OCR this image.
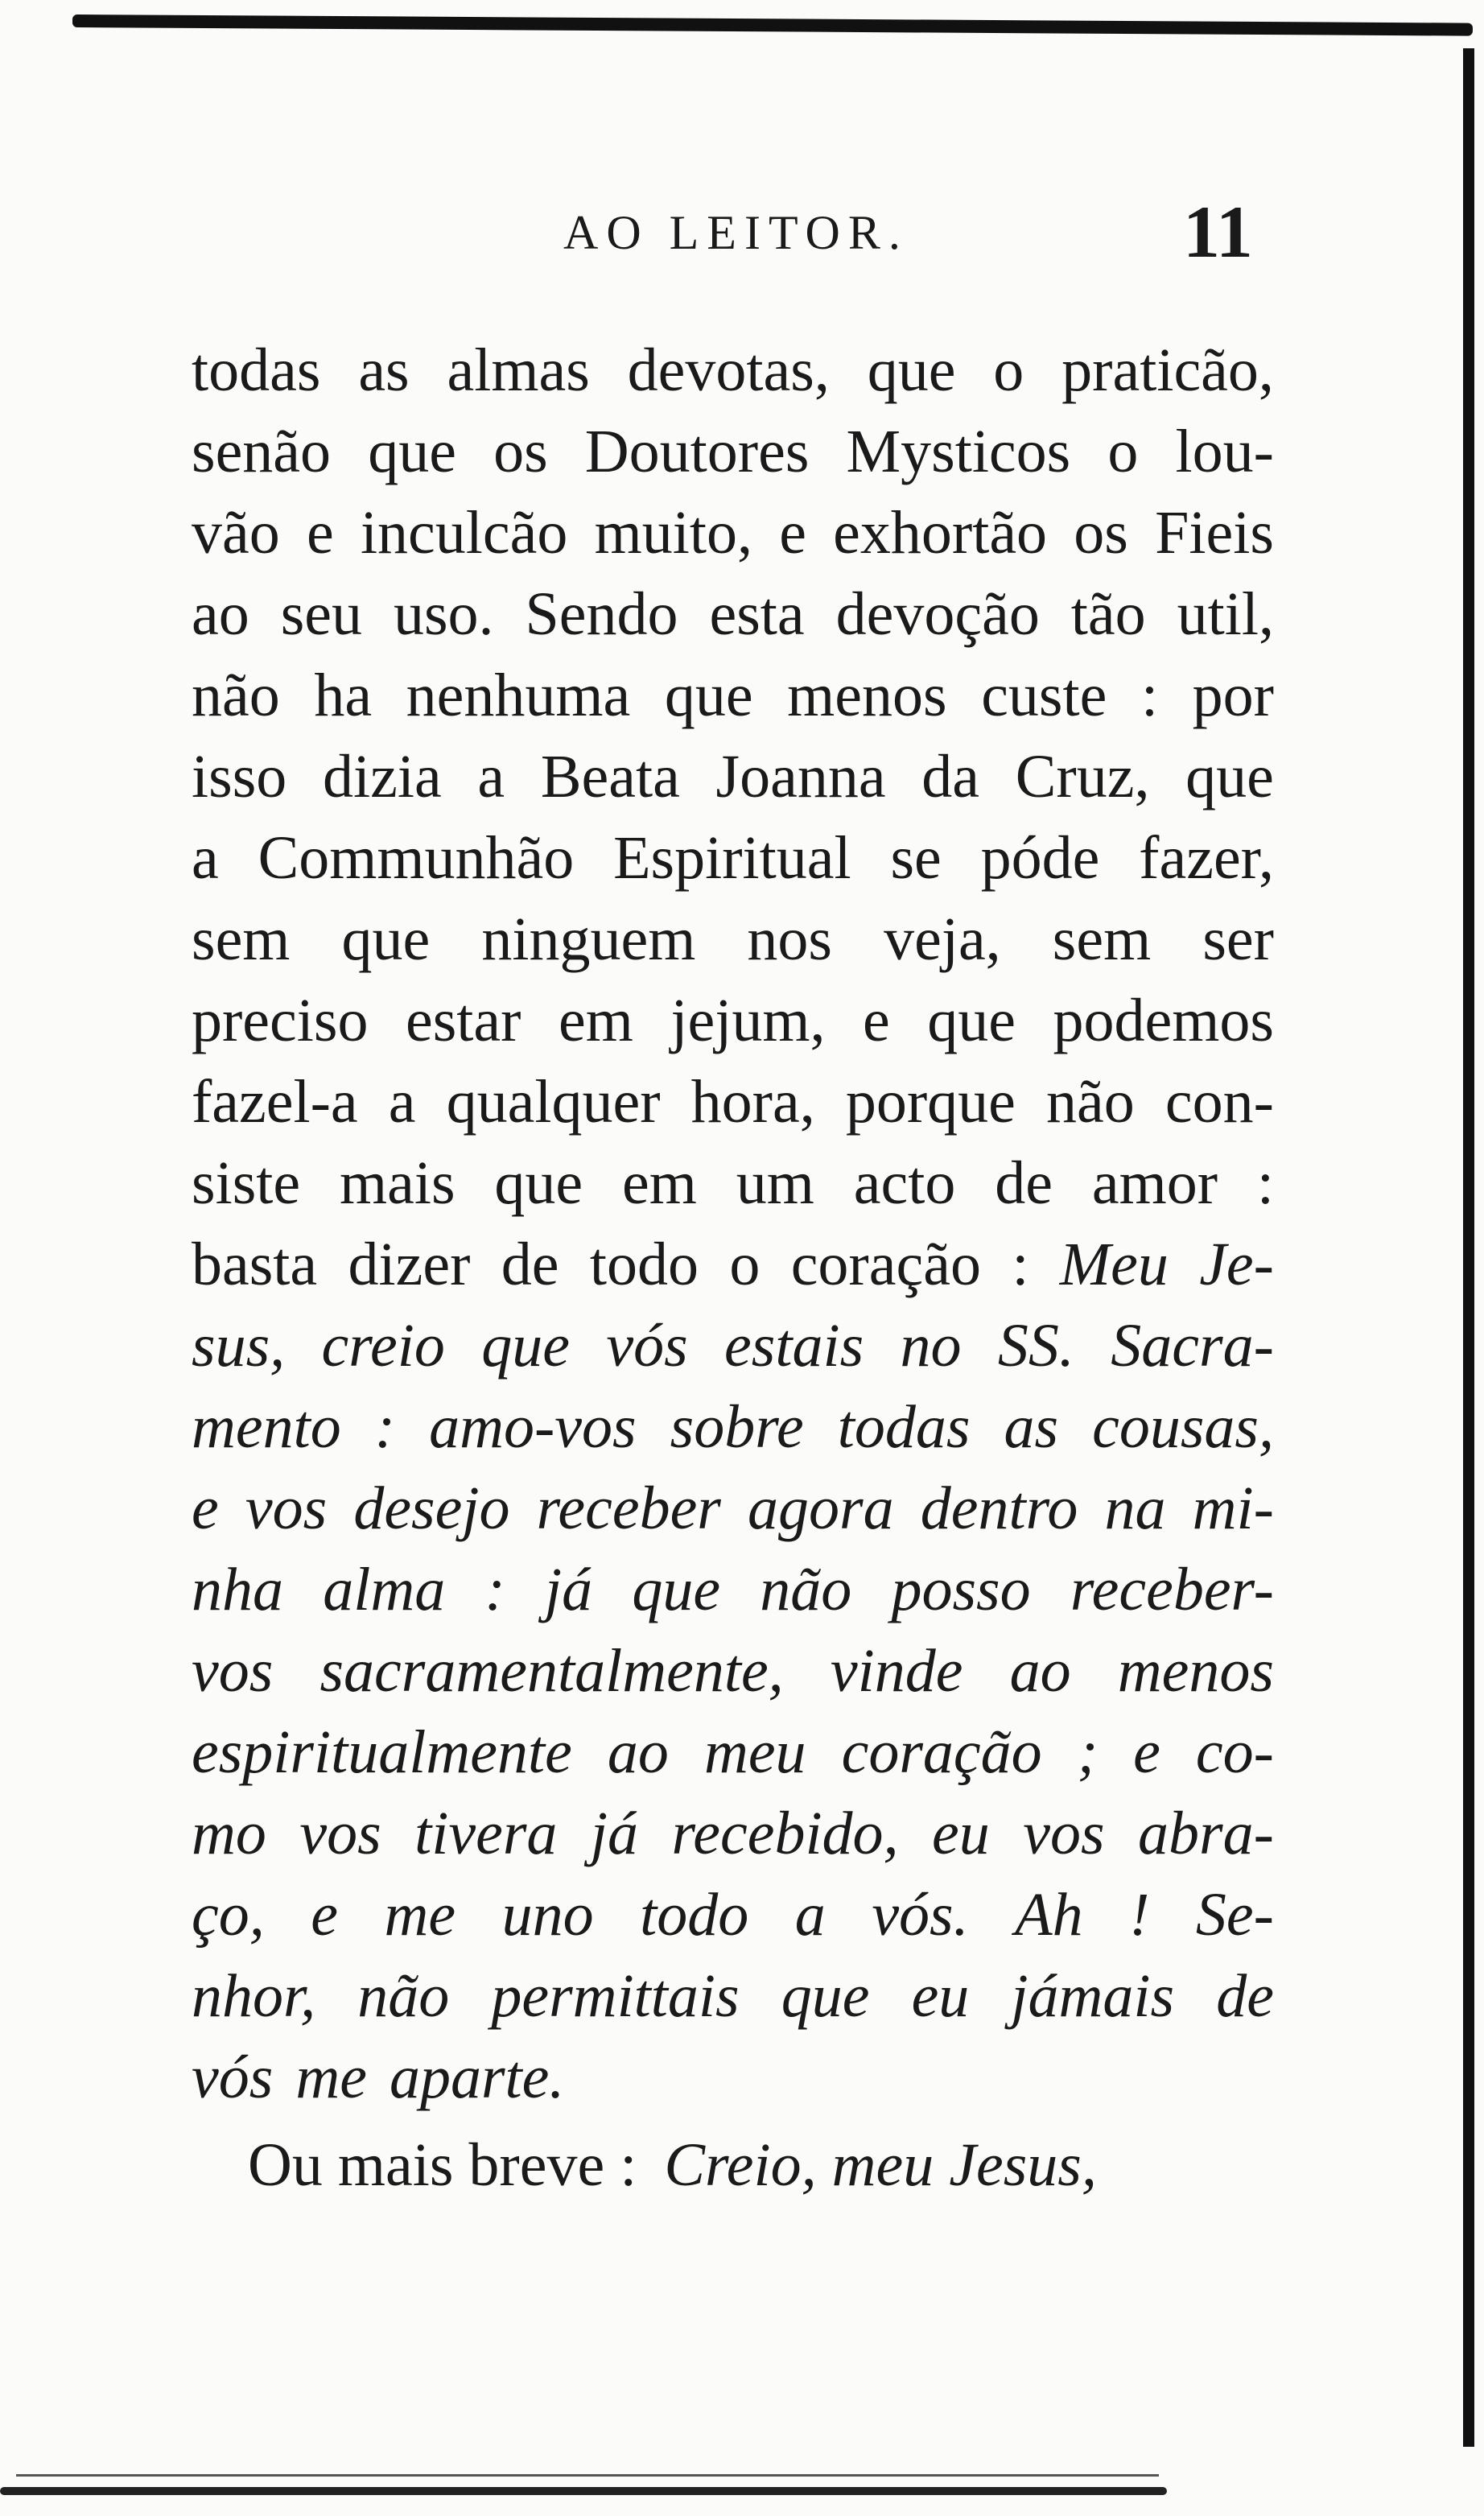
AO LEITOR.	11
todas as almas devotas, que o praticão,
senão que os Doutores Mysticos o lou-
vão e inculcão muito, e exhortão os Fieis
ao seu uso. Sendo esta devoção tão util,
não ha nenhuma que menos custe : por
isso dizia a Beata Joanna da Cruz, que
a Communhão Espiritual se póde fazer,
sem que ninguem nos veja, sem ser
preciso estar em jejum, e que podemos
fazel-a a qualquer hora, porque não con-
siste mais que em um acto de amor :
basta dizer de todo o coração : Meu Je-
sus, creio que vós estais no SS. Sacra-
mento : amo-vos sobre todas as cousas,
e vos desejo receber agora dentro na mi-
nha alma : já que não posso receber-
vos sacramentalmente, vinde ao menos
espiritualmente ao meu coração ; e co-
mo vos tivera já recebido, eu vos abra-
ço, e me uno todo a vós. Ah ! Se-
nhor, não permittais que eu jámais de
vós me aparte.
Ou mais breve : Creio, meu Jesus,
